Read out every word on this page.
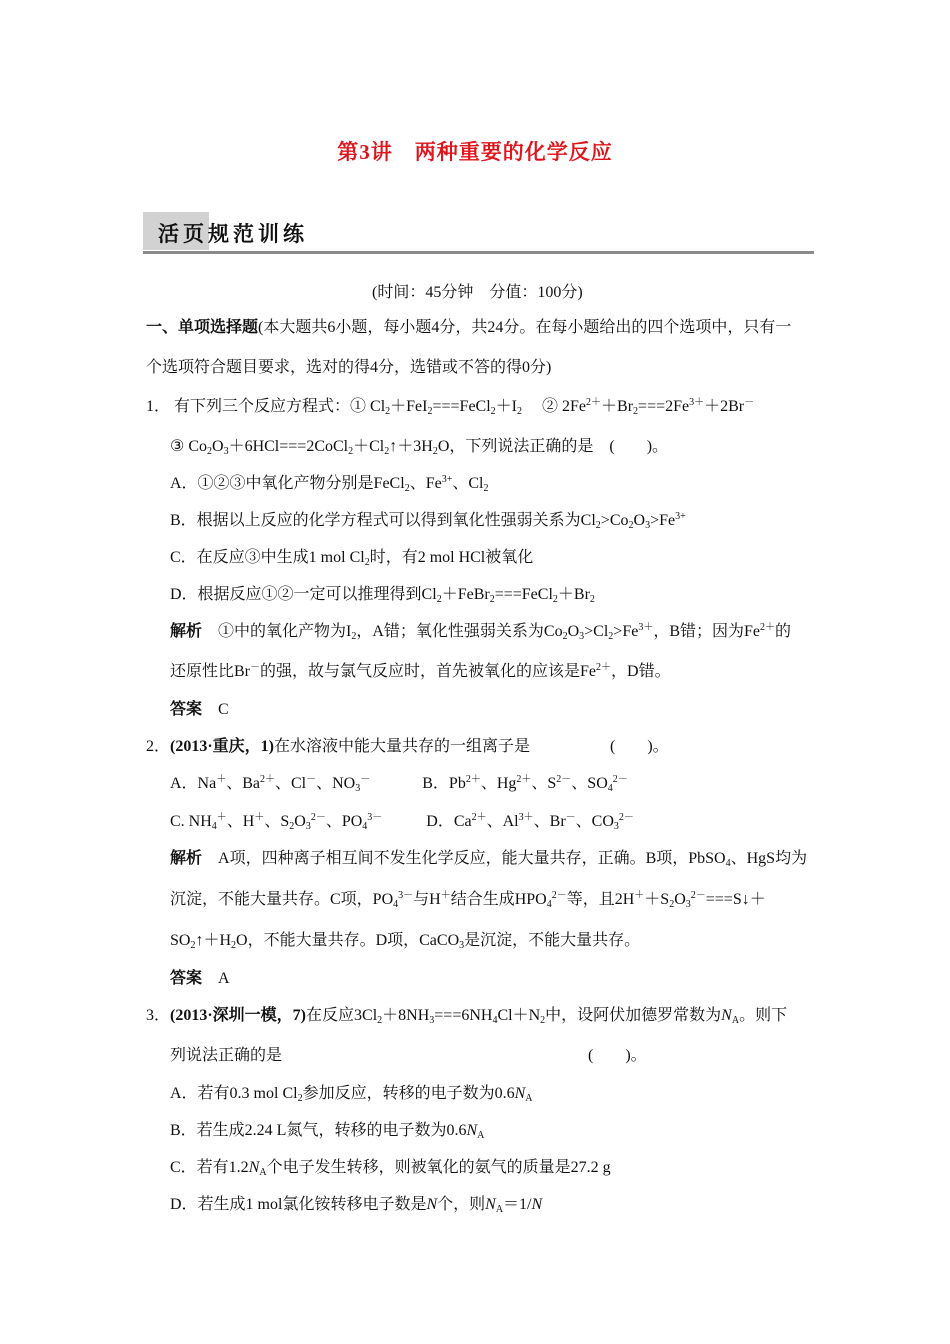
第3讲 两种重要的化学反应
活页规范训练
(时间：45分钟　分值：100分)
一、单项选择题(本大题共6小题，每小题4分，共24分。在每小题给出的四个选项中，只有一
个选项符合题目要求，选对的得4分，选错或不答的得0分)
1． 有下列三个反应方程式：① $Cl_2+FeI_2===FeCl_2+I_2$　 ② $2Fe^{2+}+Br_2===2Fe^{3+}+2Br^-$
③ $Co_2O_3+6HCl===2CoCl_2+Cl_2↑+3H_2O$，下列说法正确的是　(　　)。
A．①②③中氧化产物分别是FeCl$_2$、$Fe^{3+}$、$Cl_2$
B．根据以上反应的化学方程式可以得到氧化性强弱关系为$Cl_2>Co_2O_3>Fe^{3+}$
C．在反应③中生成1 mol $Cl_2$时，有2 mol HCl被氧化
D．根据反应①②一定可以推理得到$Cl_2+FeBr_2===FeCl_2+Br_2$
解析　①中的氧化产物为$I_2$，A错；氧化性强弱关系为$Co_2O_3>Cl_2>Fe^{3+}$，B错；因为$Fe^{2+}$的
还原性比Br－的强，故与氯气反应时，首先被氧化的应该是$Fe^{2+}$，D错。
答案　 C
2．(2013·重庆，1)在水溶液中能大量共存的一组离子是　　　　　(　　)。
A．Na＋、$Ba^{2+}$、Cl－、$NO_3^-$	B．$Pb^{2+}$、$Hg^{2+}$、$S^{2-}$、$SO_4^{2-}$
C. $NH_4^+$、H＋、$S_2O_3^{2-}$、$PO_4^{3-}$	D．$Ca^{2+}$、$Al^{3+}$、Br－、$CO_3^{2-}$
解析　A项，四种离子相互间不发生化学反应，能大量共存，正确。B项，PbSO$_4$、HgS均为
沉淀，不能大量共存。C项，$PO_4^{3-}$与H＋结合生成$HPO_4^{2-}$等，且$2H^++S_2O_3^{2-}===S↓+$
$SO_2↑+H_2O$，不能大量共存。D项，CaCO$_3$是沉淀，不能大量共存。
答案　 A
3．(2013·深圳一模，7)在反应$3Cl_2+8NH_3===6NH_4Cl+N_2$中，设阿伏加德罗常数为$N_A$。则下
列说法正确的是	(　　)。
A．若有0.3 mol $Cl_2$参加反应，转移的电子数为$0.6N_A$
B．若生成2.24 L氮气，转移的电子数为$0.6N_A$
C．若有$1.2N_A$个电子发生转移，则被氧化的氨气的质量是27.2 g
D．若生成1 mol氯化铵转移电子数是N个，则$N_A=1/N$
